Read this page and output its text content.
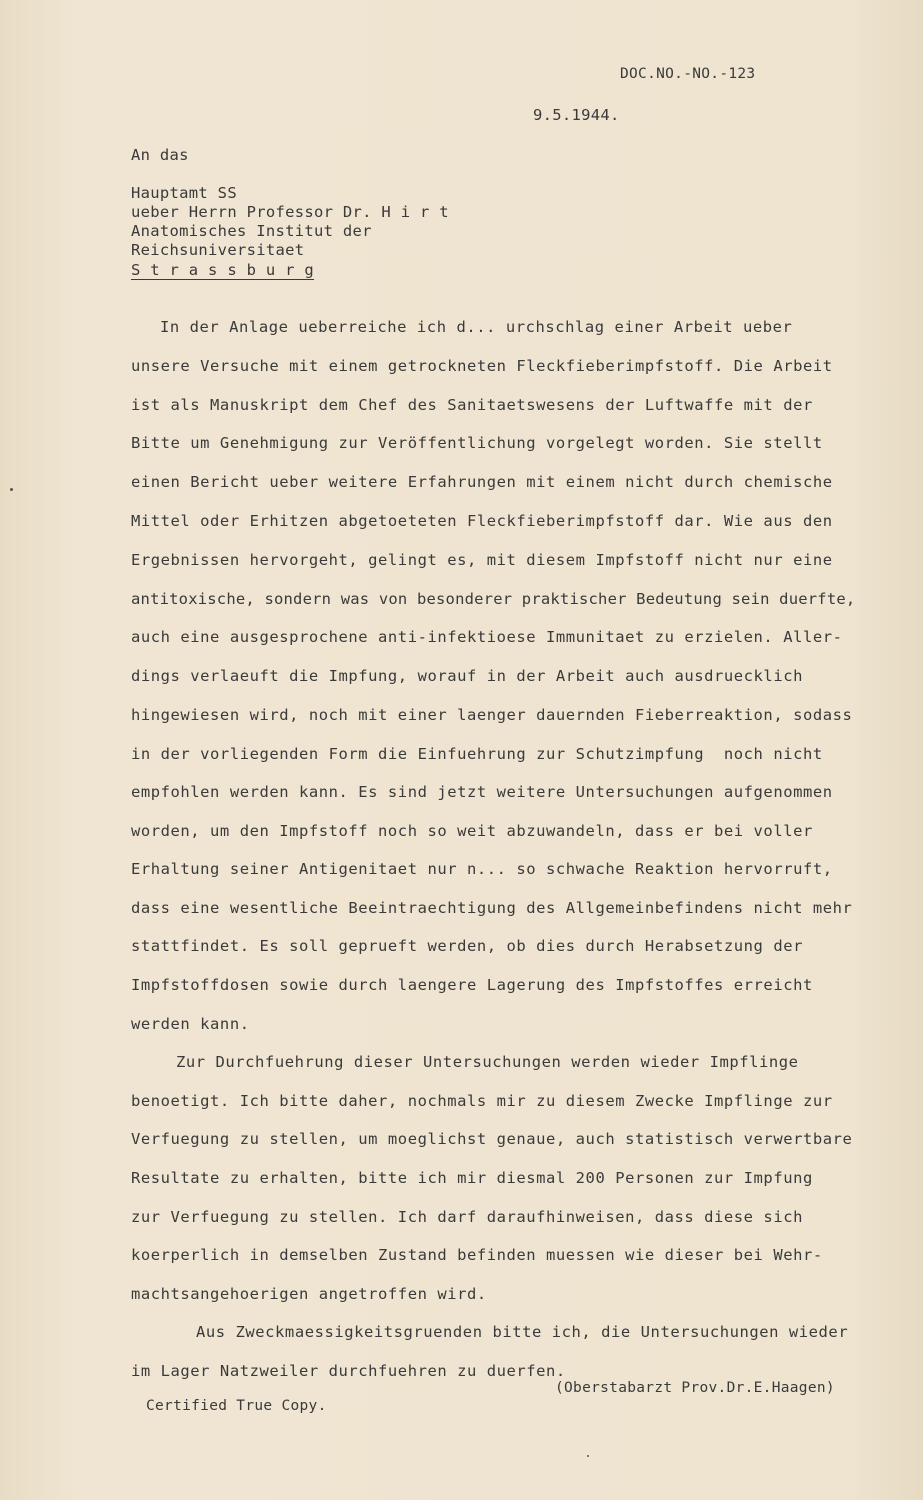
DOC.NO.-NO.-123
9.5.1944.
An das
Hauptamt SS
ueber Herrn Professor Dr. H i r t
Anatomisches Institut der
Reichsuniversitaet
S t r a s s b u r g
In der Anlage ueberreiche ich d... urchschlag einer Arbeit ueber
unsere Versuche mit einem getrockneten Fleckfieberimpfstoff. Die Arbeit
ist als Manuskript dem Chef des Sanitaetswesens der Luftwaffe mit der
Bitte um Genehmigung zur Veröffentlichung vorgelegt worden. Sie stellt
einen Bericht ueber weitere Erfahrungen mit einem nicht durch chemische
Mittel oder Erhitzen abgetoeteten Fleckfieberimpfstoff dar. Wie aus den
Ergebnissen hervorgeht, gelingt es, mit diesem Impfstoff nicht nur eine
antitoxische, sondern was von besonderer praktischer Bedeutung sein duerfte,
auch eine ausgesprochene anti-infektioese Immunitaet zu erzielen. Aller-
dings verlaeuft die Impfung, worauf in der Arbeit auch ausdruecklich
hingewiesen wird, noch mit einer laenger dauernden Fieberreaktion, sodass
in der vorliegenden Form die Einfuehrung zur Schutzimpfung  noch nicht
empfohlen werden kann. Es sind jetzt weitere Untersuchungen aufgenommen
worden, um den Impfstoff noch so weit abzuwandeln, dass er bei voller
Erhaltung seiner Antigenitaet nur n... so schwache Reaktion hervorruft,
dass eine wesentliche Beeintraechtigung des Allgemeinbefindens nicht mehr
stattfindet. Es soll geprueft werden, ob dies durch Herabsetzung der
Impfstoffdosen sowie durch laengere Lagerung des Impfstoffes erreicht
werden kann.
Zur Durchfuehrung dieser Untersuchungen werden wieder Impflinge
benoetigt. Ich bitte daher, nochmals mir zu diesem Zwecke Impflinge zur
Verfuegung zu stellen, um moeglichst genaue, auch statistisch verwertbare
Resultate zu erhalten, bitte ich mir diesmal 200 Personen zur Impfung
zur Verfuegung zu stellen. Ich darf daraufhinweisen, dass diese sich
koerperlich in demselben Zustand befinden muessen wie dieser bei Wehr-
machtsangehoerigen angetroffen wird.
Aus Zweckmaessigkeitsgruenden bitte ich, die Untersuchungen wieder
im Lager Natzweiler durchfuehren zu duerfen.
(Oberstabarzt Prov.Dr.E.Haagen)
Certified True Copy.
